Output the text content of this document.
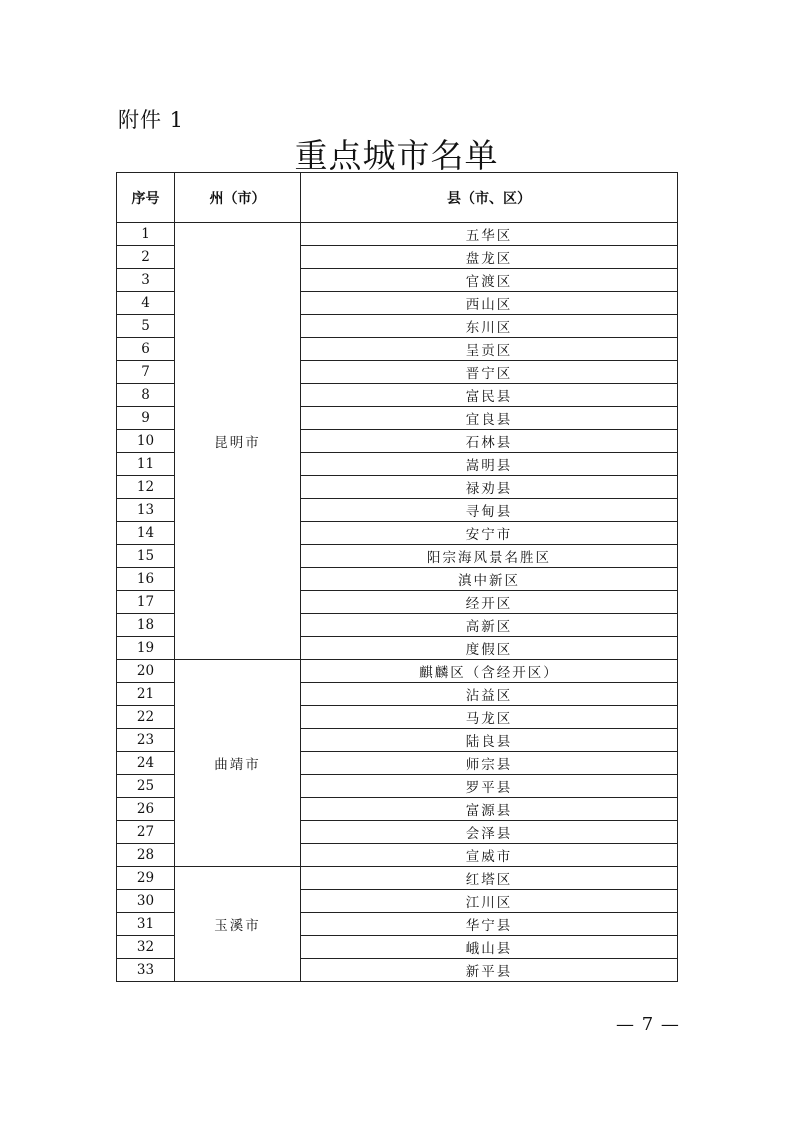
附件 1
重点城市名单
序号	州（市）	县（市、区）
1	昆明市	五华区
2		盘龙区
3		官渡区
4		西山区
5		东川区
6		呈贡区
7		晋宁区
8		富民县
9		宜良县
10		石林县
11		嵩明县
12		禄劝县
13		寻甸县
14		安宁市
15		阳宗海风景名胜区
16		滇中新区
17		经开区
18		高新区
19		度假区
20	曲靖市	麒麟区（含经开区）
21		沾益区
22		马龙区
23		陆良县
24		师宗县
25		罗平县
26		富源县
27		会泽县
28		宣威市
29	玉溪市	红塔区
30		江川区
31		华宁县
32		峨山县
33		新平县
— 7 —
